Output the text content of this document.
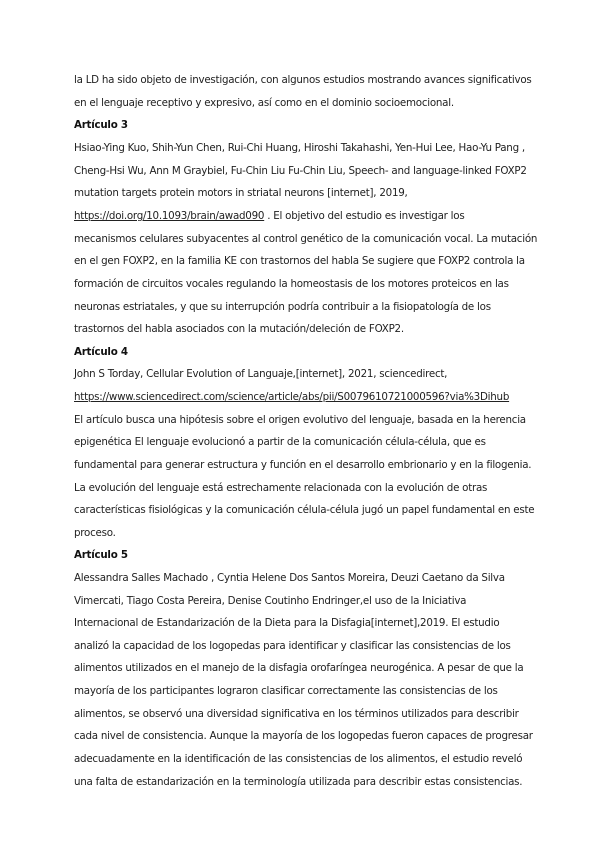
la LD ha sido objeto de investigación, con algunos estudios mostrando avances significativos

en el lenguaje receptivo y expresivo, así como en el dominio socioemocional.

Artículo 3

Hsiao-Ying Kuo, Shih-Yun Chen, Rui-Chi Huang, Hiroshi Takahashi, Yen-Hui Lee, Hao-Yu Pang ,

Cheng-Hsi Wu, Ann M Graybiel, Fu-Chin Liu Fu-Chin Liu, Speech- and language-linked FOXP2

mutation targets protein motors in striatal neurons [internet], 2019,

https://doi.org/10.1093/brain/awad090 . El objetivo del estudio es investigar los

mecanismos celulares subyacentes al control genético de la comunicación vocal. La mutación

en el gen FOXP2, en la familia KE con trastornos del habla Se sugiere que FOXP2 controla la

formación de circuitos vocales regulando la homeostasis de los motores proteicos en las

neuronas estriatales, y que su interrupción podría contribuir a la fisiopatología de los

trastornos del habla asociados con la mutación/deleción de FOXP2.

Artículo 4

John S Torday, Cellular Evolution of Languaje,[internet], 2021, sciencedirect,

https://www.sciencedirect.com/science/article/abs/pii/S0079610721000596?via%3Dihub

El artículo busca una hipótesis sobre el origen evolutivo del lenguaje, basada en la herencia

epigenética El lenguaje evolucionó a partir de la comunicación célula-célula, que es

fundamental para generar estructura y función en el desarrollo embrionario y en la filogenia.

La evolución del lenguaje está estrechamente relacionada con la evolución de otras

características fisiológicas y la comunicación célula-célula jugó un papel fundamental en este

proceso.

Artículo 5

Alessandra Salles Machado , Cyntia Helene Dos Santos Moreira, Deuzi Caetano da Silva

Vimercati, Tiago Costa Pereira, Denise Coutinho Endringer,el uso de la Iniciativa

Internacional de Estandarización de la Dieta para la Disfagia[internet],2019. El estudio

analizó la capacidad de los logopedas para identificar y clasificar las consistencias de los

alimentos utilizados en el manejo de la disfagia orofaríngea neurogénica. A pesar de que la

mayoría de los participantes lograron clasificar correctamente las consistencias de los

alimentos, se observó una diversidad significativa en los términos utilizados para describir

cada nivel de consistencia. Aunque la mayoría de los logopedas fueron capaces de progresar

adecuadamente en la identificación de las consistencias de los alimentos, el estudio reveló

una falta de estandarización en la terminología utilizada para describir estas consistencias.
